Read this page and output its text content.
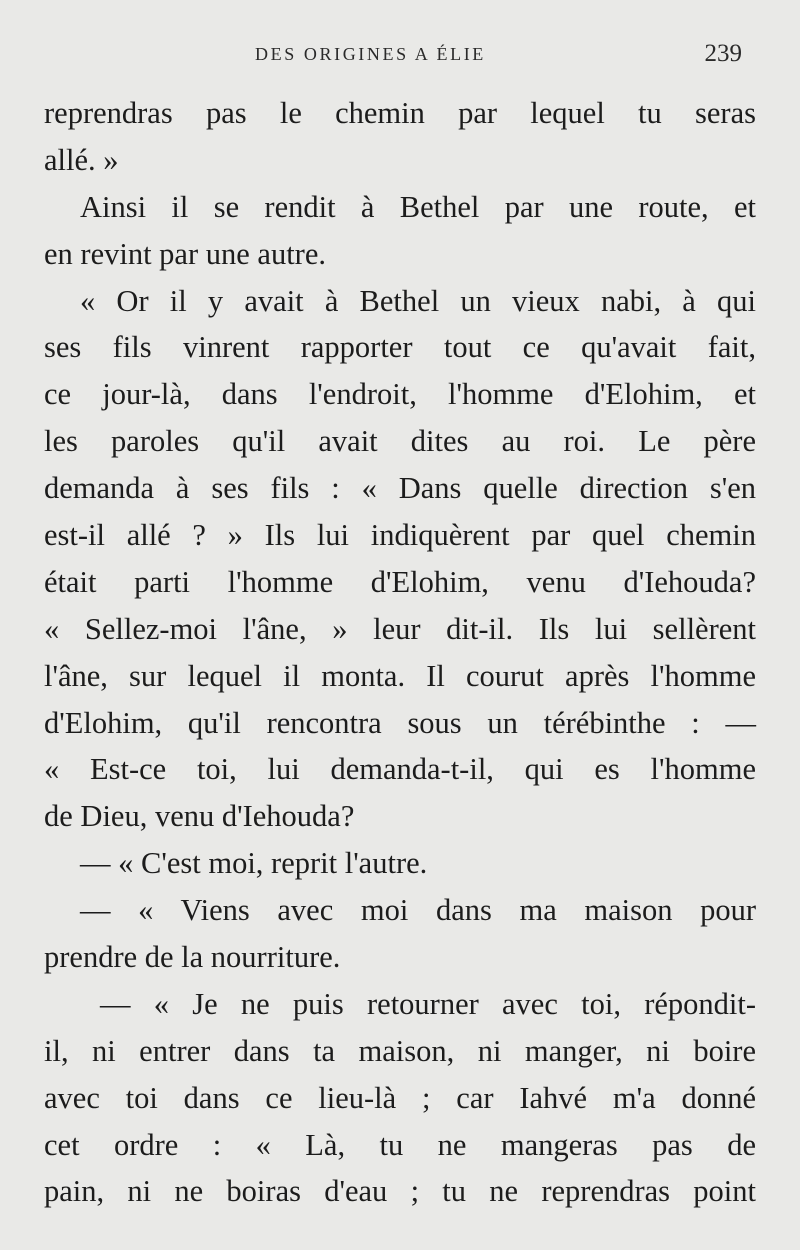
DES ORIGINES A ÉLIE	239
reprendras pas le chemin par lequel tu seras
allé. »
Ainsi il se rendit à Bethel par une route, et
en revint par une autre.
« Or il y avait à Bethel un vieux nabi, à qui
ses fils vinrent rapporter tout ce qu'avait fait,
ce jour-là, dans l'endroit, l'homme d'Elohim, et
les paroles qu'il avait dites au roi. Le père
demanda à ses fils : « Dans quelle direction s'en
est-il allé ? » Ils lui indiquèrent par quel chemin
était parti l'homme d'Elohim, venu d'Iehouda?
« Sellez-moi l'âne, » leur dit-il. Ils lui sellèrent
l'âne, sur lequel il monta. Il courut après l'homme
d'Elohim, qu'il rencontra sous un térébinthe : —
« Est-ce toi, lui demanda-t-il, qui es l'homme
de Dieu, venu d'Iehouda?
— « C'est moi, reprit l'autre.
— « Viens avec moi dans ma maison pour
prendre de la nourriture.
— « Je ne puis retourner avec toi, répondit-
il, ni entrer dans ta maison, ni manger, ni boire
avec toi dans ce lieu-là ; car Iahvé m'a donné
cet ordre : « Là, tu ne mangeras pas de
pain, ni ne boiras d'eau ; tu ne reprendras point
